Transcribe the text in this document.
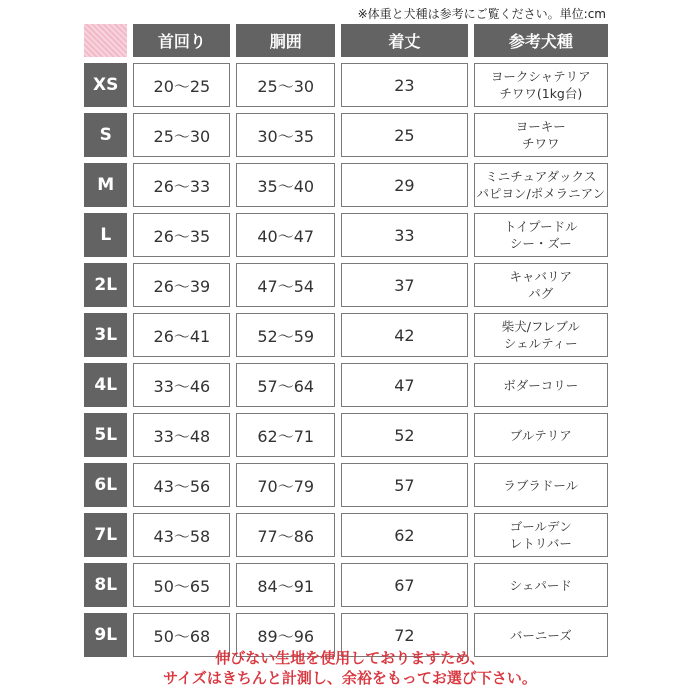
※体重と犬種は参考にご覧ください。単位:cm
首回り	胴囲	着丈	参考犬種
XS	20〜25	25〜30	23	ヨークシャテリア
チワワ(1kg台)
S	25〜30	30〜35	25	ヨーキー
チワワ
M	26〜33	35〜40	29	ミニチュアダックス
パピヨン/ポメラニアン
L	26〜35	40〜47	33	トイプードル
シー・ズー
2L	26〜39	47〜54	37	キャバリア
パグ
3L	26〜41	52〜59	42	柴犬/フレブル
シェルティー
4L	33〜46	57〜64	47	ボダーコリー
5L	33〜48	62〜71	52	ブルテリア
6L	43〜56	70〜79	57	ラブラドール
7L	43〜58	77〜86	62	ゴールデン
レトリバー
8L	50〜65	84〜91	67	シェパード
9L	50〜68	89〜96	72	バーニーズ
伸びない生地を使用しておりますため、
サイズはきちんと計測し、余裕をもってお選び下さい。
